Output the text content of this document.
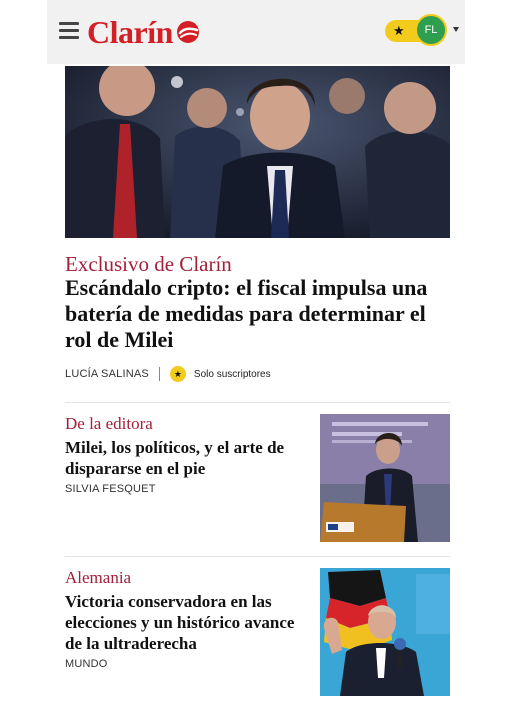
Clarín	★	FL
Exclusivo de Clarín
Escándalo cripto: el fiscal impulsa una batería de medidas para determinar el rol de Milei
LUCÍA SALINAS	★	Solo suscriptores
De la editora
Milei, los políticos, y el arte de dispararse en el pie
SILVIA FESQUET
Alemania
Victoria conservadora en las elecciones y un histórico avance de la ultraderecha
MUNDO
